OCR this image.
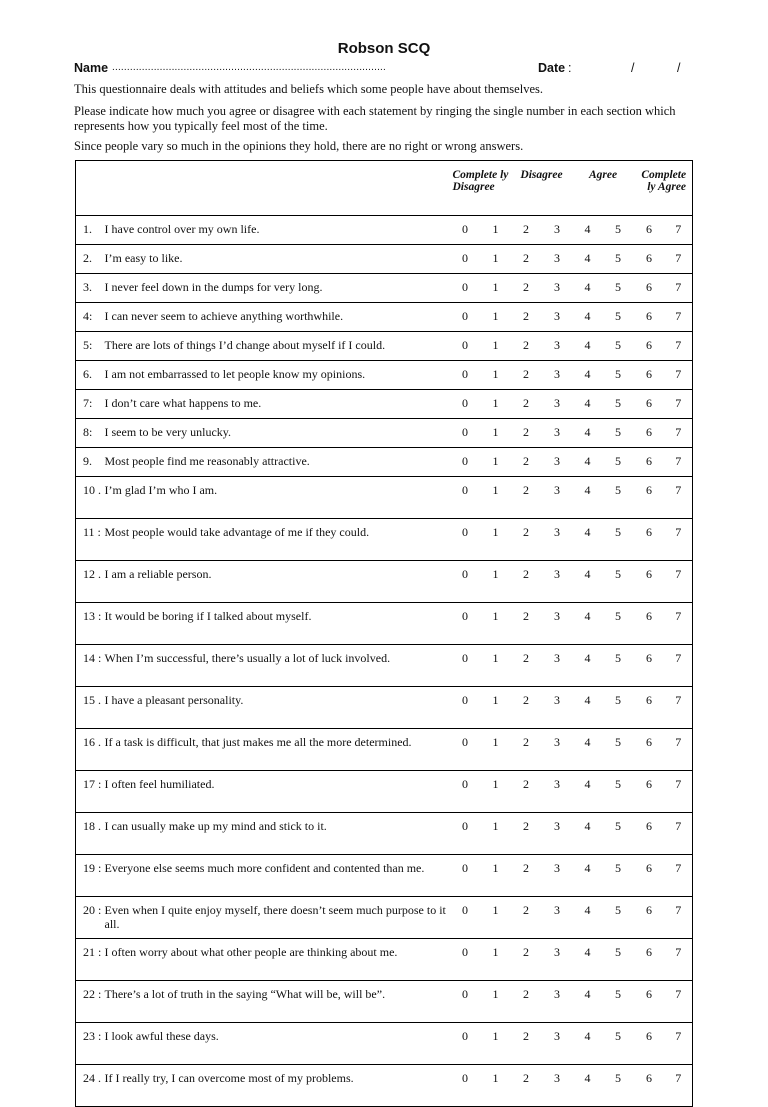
Robson SCQ
Name ............................................................................................	Date :	/	/

This questionnaire deals with attitudes and beliefs which some people have about themselves.

Please indicate how much you agree or disagree with each statement by ringing the single number in each section which represents how you typically feel most of the time.

Since people vary so much in the opinions they hold, there are no right or wrong answers.

		Complete ly Disagree		Disagree		Agree		Complete ly Agree	
1.	I have control over my own life.	0	1	2	3	4	5	6	7
2.	I’m easy to like.	0	1	2	3	4	5	6	7
3.	I never feel down in the dumps for very long.	0	1	2	3	4	5	6	7
4:	I can never seem to achieve anything worthwhile.	0	1	2	3	4	5	6	7
5:	There are lots of things I’d change about myself if I could.	0	1	2	3	4	5	6	7
6.	I am not embarrassed to let people know my opinions.	0	1	2	3	4	5	6	7
7:	I don’t care what happens to me.	0	1	2	3	4	5	6	7
8:	I seem to be very unlucky.	0	1	2	3	4	5	6	7
9.	Most people find me reasonably attractive.	0	1	2	3	4	5	6	7
10 .	I’m glad I’m who I am.	0	1	2	3	4	5	6	7
11 :	Most people would take advantage of me if they could.	0	1	2	3	4	5	6	7
12 .	I am a reliable person.	0	1	2	3	4	5	6	7
13 :	It would be boring if I talked about myself.	0	1	2	3	4	5	6	7
14 :	When I’m successful, there’s usually a lot of luck involved.	0	1	2	3	4	5	6	7
15 .	I have a pleasant personality.	0	1	2	3	4	5	6	7
16 .	If a task is difficult, that just makes me all the more determined.	0	1	2	3	4	5	6	7
17 :	I often feel humiliated.	0	1	2	3	4	5	6	7
18 .	I can usually make up my mind and stick to it.	0	1	2	3	4	5	6	7
19 :	Everyone else seems much more confident and contented than me.	0	1	2	3	4	5	6	7
20 :	Even when I quite enjoy myself, there doesn’t seem much purpose to it all.	0	1	2	3	4	5	6	7
21 :	I often worry about what other people are thinking about me.	0	1	2	3	4	5	6	7
22 :	There’s a lot of truth in the saying “What will be, will be”.	0	1	2	3	4	5	6	7
23 :	I look awful these days.	0	1	2	3	4	5	6	7
24 .	If I really try, I can overcome most of my problems.	0	1	2	3	4	5	6	7
